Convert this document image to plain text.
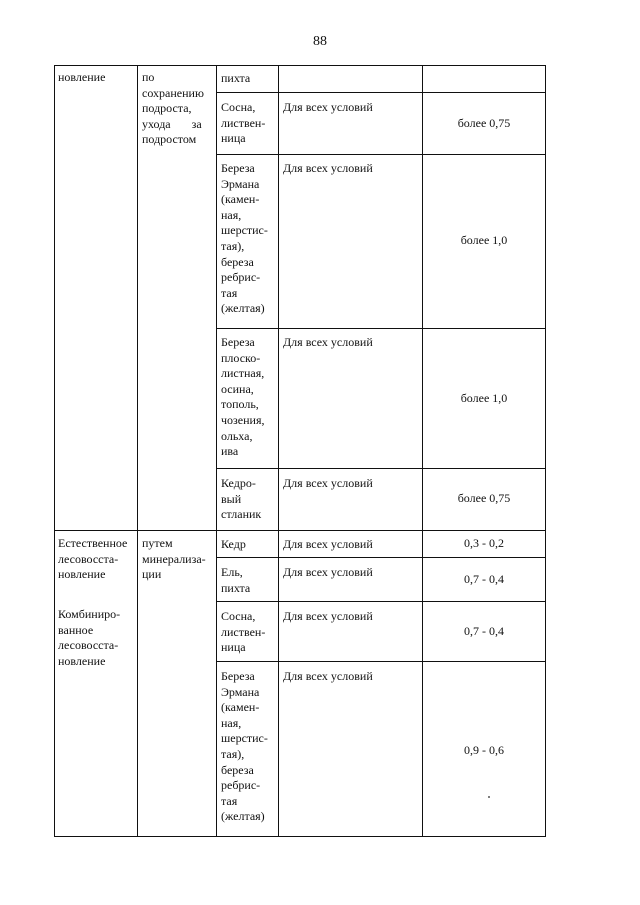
88
новление
Естественное
лесовосста-
новление
Комбиниро-
ванное
лесовосста-
новление
по
сохранению
подроста,
ухода       за
подростом
путем
минерализа-
ции
пихта
Сосна,
листвен-
ница
Береза
Эрмана
(камен-
ная,
шерстис-
тая),
береза
ребрис-
тая
(желтая)
Береза
плоско-
листная,
осина,
тополь,
чозения,
ольха,
ива
Кедро-
вый
стланик
Кедр
Ель,
пихта
Сосна,
листвен-
ница
Береза
Эрмана
(камен-
ная,
шерстис-
тая),
береза
ребрис-
тая
(желтая)
Для всех условий
Для всех условий
Для всех условий
Для всех условий
Для всех условий
Для всех условий
Для всех условий
Для всех условий
более 0,75
более 1,0
более 1,0
более 0,75
0,3 - 0,2
0,7 - 0,4
0,7 - 0,4
0,9 - 0,6
